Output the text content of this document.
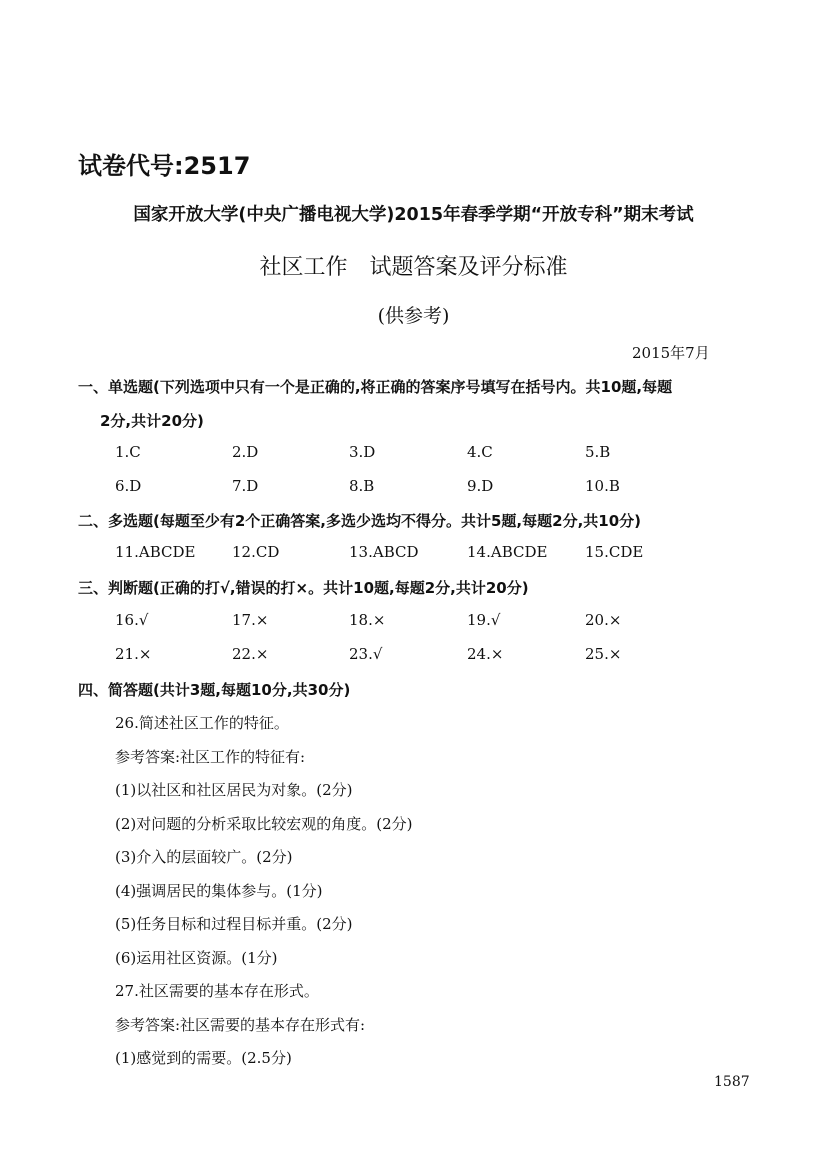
试卷代号:2517
国家开放大学(中央广播电视大学)2015年春季学期“开放专科”期末考试
社区工作　试题答案及评分标准
(供参考)
2015年7月
一、单选题(下列选项中只有一个是正确的,将正确的答案序号填写在括号内。共10题,每题
2分,共计20分)
1.C	2.D	3.D	4.C	5.B
6.D	7.D	8.B	9.D	10.B
二、多选题(每题至少有2个正确答案,多选少选均不得分。共计5题,每题2分,共10分)
11.ABCDE 12.CD	13.ABCD	14.ABCDE	15.CDE
三、判断题(正确的打√,错误的打×。共计10题,每题2分,共计20分)
16.√	17.×	18.×	19.√	20.×
21.×	22.×	23.√	24.×	25.×
四、简答题(共计3题,每题10分,共30分)
26.简述社区工作的特征。
参考答案:社区工作的特征有:
(1)以社区和社区居民为对象。(2分)
(2)对问题的分析采取比较宏观的角度。(2分)
(3)介入的层面较广。(2分)
(4)强调居民的集体参与。(1分)
(5)任务目标和过程目标并重。(2分)
(6)运用社区资源。(1分)
27.社区需要的基本存在形式。
参考答案:社区需要的基本存在形式有:
(1)感觉到的需要。(2.5分)
1587
